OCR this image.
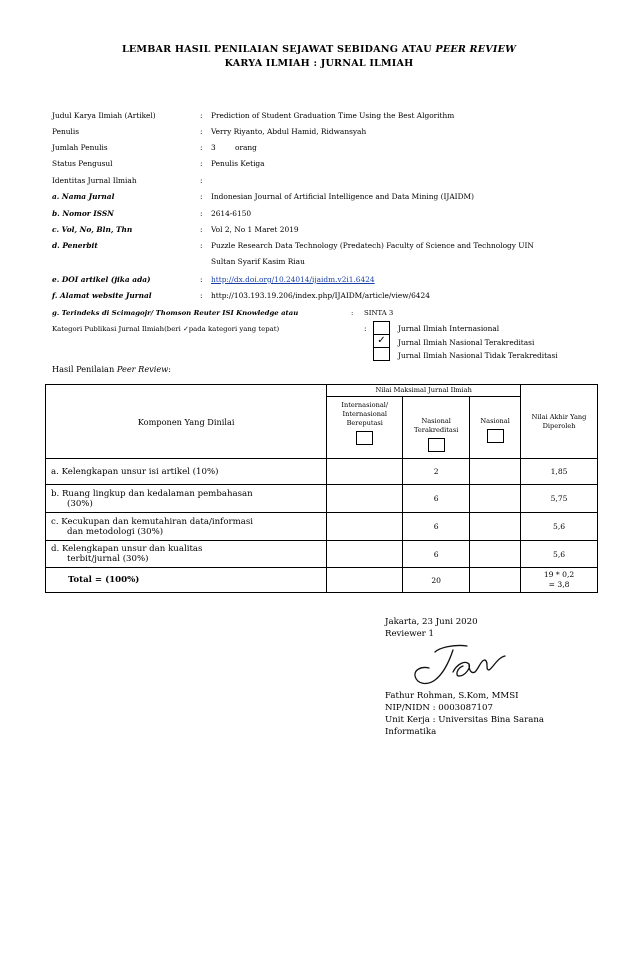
LEMBAR HASIL PENILAIAN SEJAWAT SEBIDANG ATAU PEER REVIEW
KARYA ILMIAH : JURNAL ILMIAH
Judul Karya Ilmiah (Artikel)	: Prediction of Student Graduation Time Using the Best Algorithm
Penulis	: Verry Riyanto, Abdul Hamid, Ridwansyah
Jumlah Penulis	: 3	orang
Status Pengusul	: Penulis Ketiga
Identitas Jurnal Ilmiah	:
a. Nama Jurnal	: Indonesian Journal of Artificial Intelligence and Data Mining (IJAIDM)
b. Nomor ISSN	: 2614-6150
c. Vol, No, Bln, Thn	: Vol 2, No 1 Maret 2019
d. Penerbit	: Puzzle Research Data Technology (Predatech) Faculty of Science and Technology UIN
Sultan Syarif Kasim Riau
e. DOI artikel (jika ada)	: http://dx.doi.org/10.24014/ijaidm.v2i1.6424
f. Alamat website Jurnal	: http://103.193.19.206/index.php/IJAIDM/article/view/6424
g. Terindeks di Scimagojr/ Thomson Reuter ISI Knowledge atau	: SINTA 3
Kategori Publikasi Jurnal Ilmiah(beri ✓pada kategori yang tepat)	:	Jurnal Ilmiah Internasional
✓	Jurnal Ilmiah Nasional Terakreditasi
Jurnal Ilmiah Nasional Tidak Terakreditasi
Hasil Penilaian Peer Review:
Komponen Yang Dinilai	Nilai Maksimal Jurnal Ilmiah			Nilai Akhir Yang Diperoleh

	Internasional/ Internasional Bereputasi	Nasional Terakreditasi	Nasional	

a. Kelengkapan unsur isi artikel (10%)		2		1,85

b. Ruang lingkup dan kedalaman pembahasan
(30%)		6		5,75

c. Kecukupan dan kemutahiran data/informasi
dan metodologi (30%)		6		5,6

d. Kelengkapan unsur dan kualitas
terbit/jurnal (30%)		6		5,6
Total = (100%)		20		19 * 0,2
= 3,8
Jakarta, 23 Juni 2020
Reviewer 1
Fathur Rohman, S.Kom, MMSI
NIP/NIDN : 0003087107
Unit Kerja : Universitas Bina Sarana
Informatika
